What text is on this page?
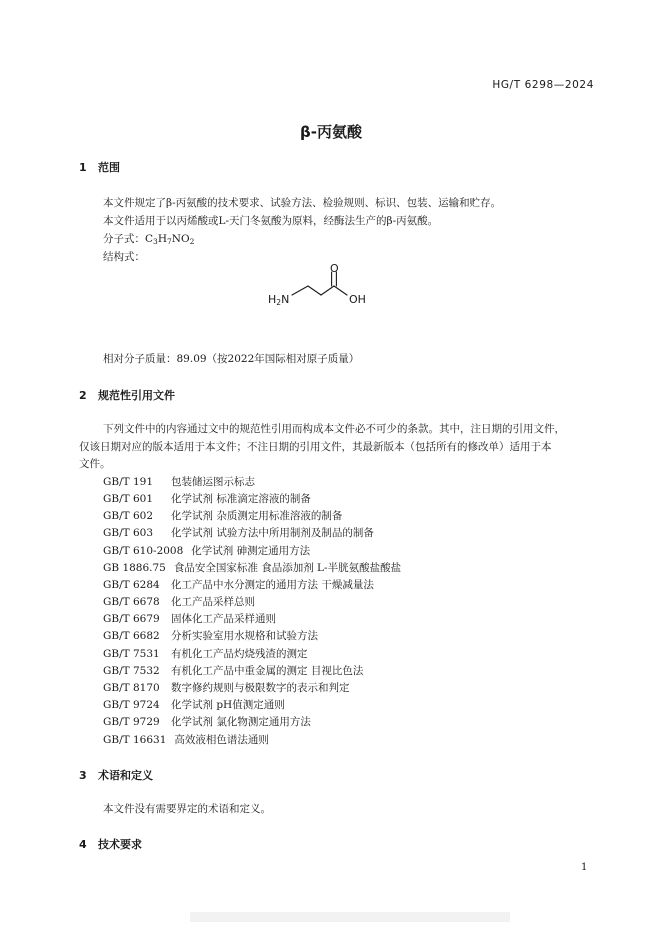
HG/T 6298—2024
β-丙氨酸
1 范围
本文件规定了β-丙氨酸的技术要求、试验方法、检验规则、标识、包装、运输和贮存。
本文件适用于以丙烯酸或L-天门冬氨酸为原料，经酶法生产的β-丙氨酸。
分子式：C3H7NO2
结构式：
H2N
O
OH
相对分子质量：89.09（按2022年国际相对原子质量）
2 规范性引用文件
下列文件中的内容通过文中的规范性引用而构成本文件必不可少的条款。其中，注日期的引用文件，
仅该日期对应的版本适用于本文件；不注日期的引用文件，其最新版本（包括所有的修改单）适用于本
文件。
GB/T 191 包装储运图示标志
GB/T 601 化学试剂 标准滴定溶液的制备
GB/T 602 化学试剂 杂质测定用标准溶液的制备
GB/T 603 化学试剂 试验方法中所用制剂及制品的制备
GB/T 610-2008 化学试剂 砷测定通用方法
GB 1886.75 食品安全国家标准 食品添加剂 L-半胱氨酸盐酸盐
GB/T 6284 化工产品中水分测定的通用方法 干燥减量法
GB/T 6678 化工产品采样总则
GB/T 6679 固体化工产品采样通则
GB/T 6682 分析实验室用水规格和试验方法
GB/T 7531 有机化工产品灼烧残渣的测定
GB/T 7532 有机化工产品中重金属的测定 目视比色法
GB/T 8170 数字修约规则与极限数字的表示和判定
GB/T 9724 化学试剂 pH值测定通则
GB/T 9729 化学试剂 氯化物测定通用方法
GB/T 16631 高效液相色谱法通则
3 术语和定义
本文件没有需要界定的术语和定义。
4 技术要求
1
